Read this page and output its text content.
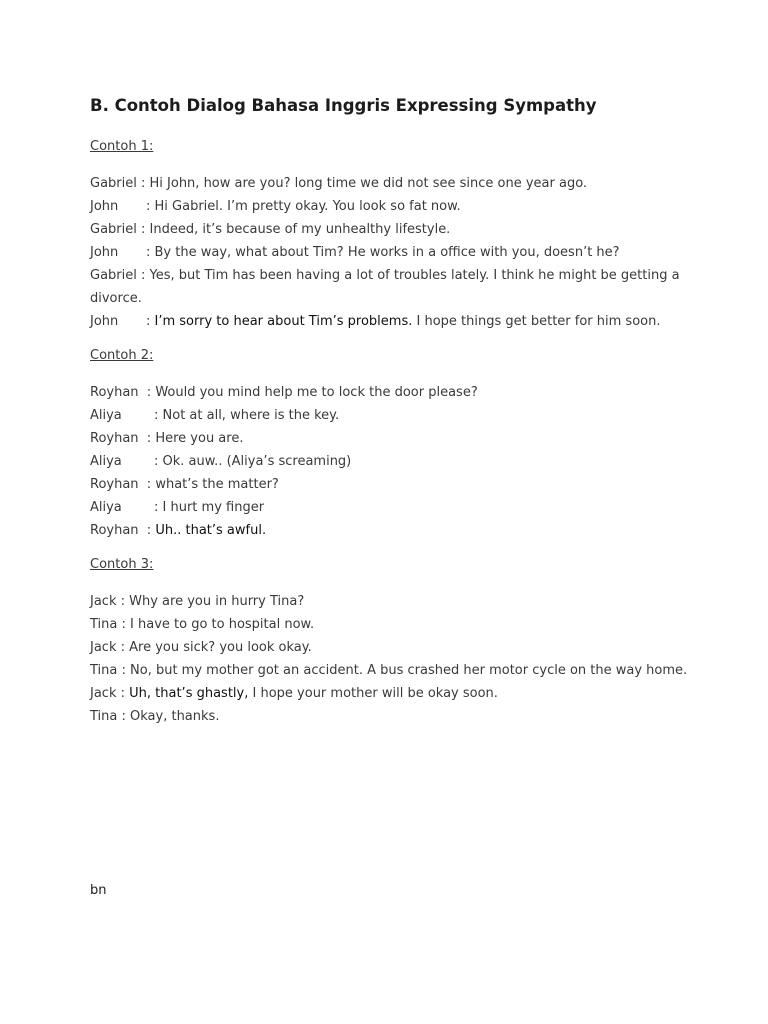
B. Contoh Dialog Bahasa Inggris Expressing Sympathy
Contoh 1:
Gabriel : Hi John, how are you? long time we did not see since one year ago.
John : Hi Gabriel. I’m pretty okay. You look so fat now.
Gabriel : Indeed, it’s because of my unhealthy lifestyle.
John : By the way, what about Tim? He works in a office with you, doesn’t he?
Gabriel : Yes, but Tim has been having a lot of troubles lately. I think he might be getting a divorce.
John : I’m sorry to hear about Tim’s problems. I hope things get better for him soon.
Contoh 2:
Royhan  : Would you mind help me to lock the door please?
Aliya : Not at all, where is the key.
Royhan  : Here you are.
Aliya : Ok. auw.. (Aliya’s screaming)
Royhan  : what’s the matter?
Aliya : I hurt my finger
Royhan  : Uh.. that’s awful.
Contoh 3:
Jack : Why are you in hurry Tina?
Tina : I have to go to hospital now.
Jack : Are you sick? you look okay.
Tina : No, but my mother got an accident. A bus crashed her motor cycle on the way home.
Jack : Uh, that’s ghastly, I hope your mother will be okay soon.
Tina : Okay, thanks.
bn
